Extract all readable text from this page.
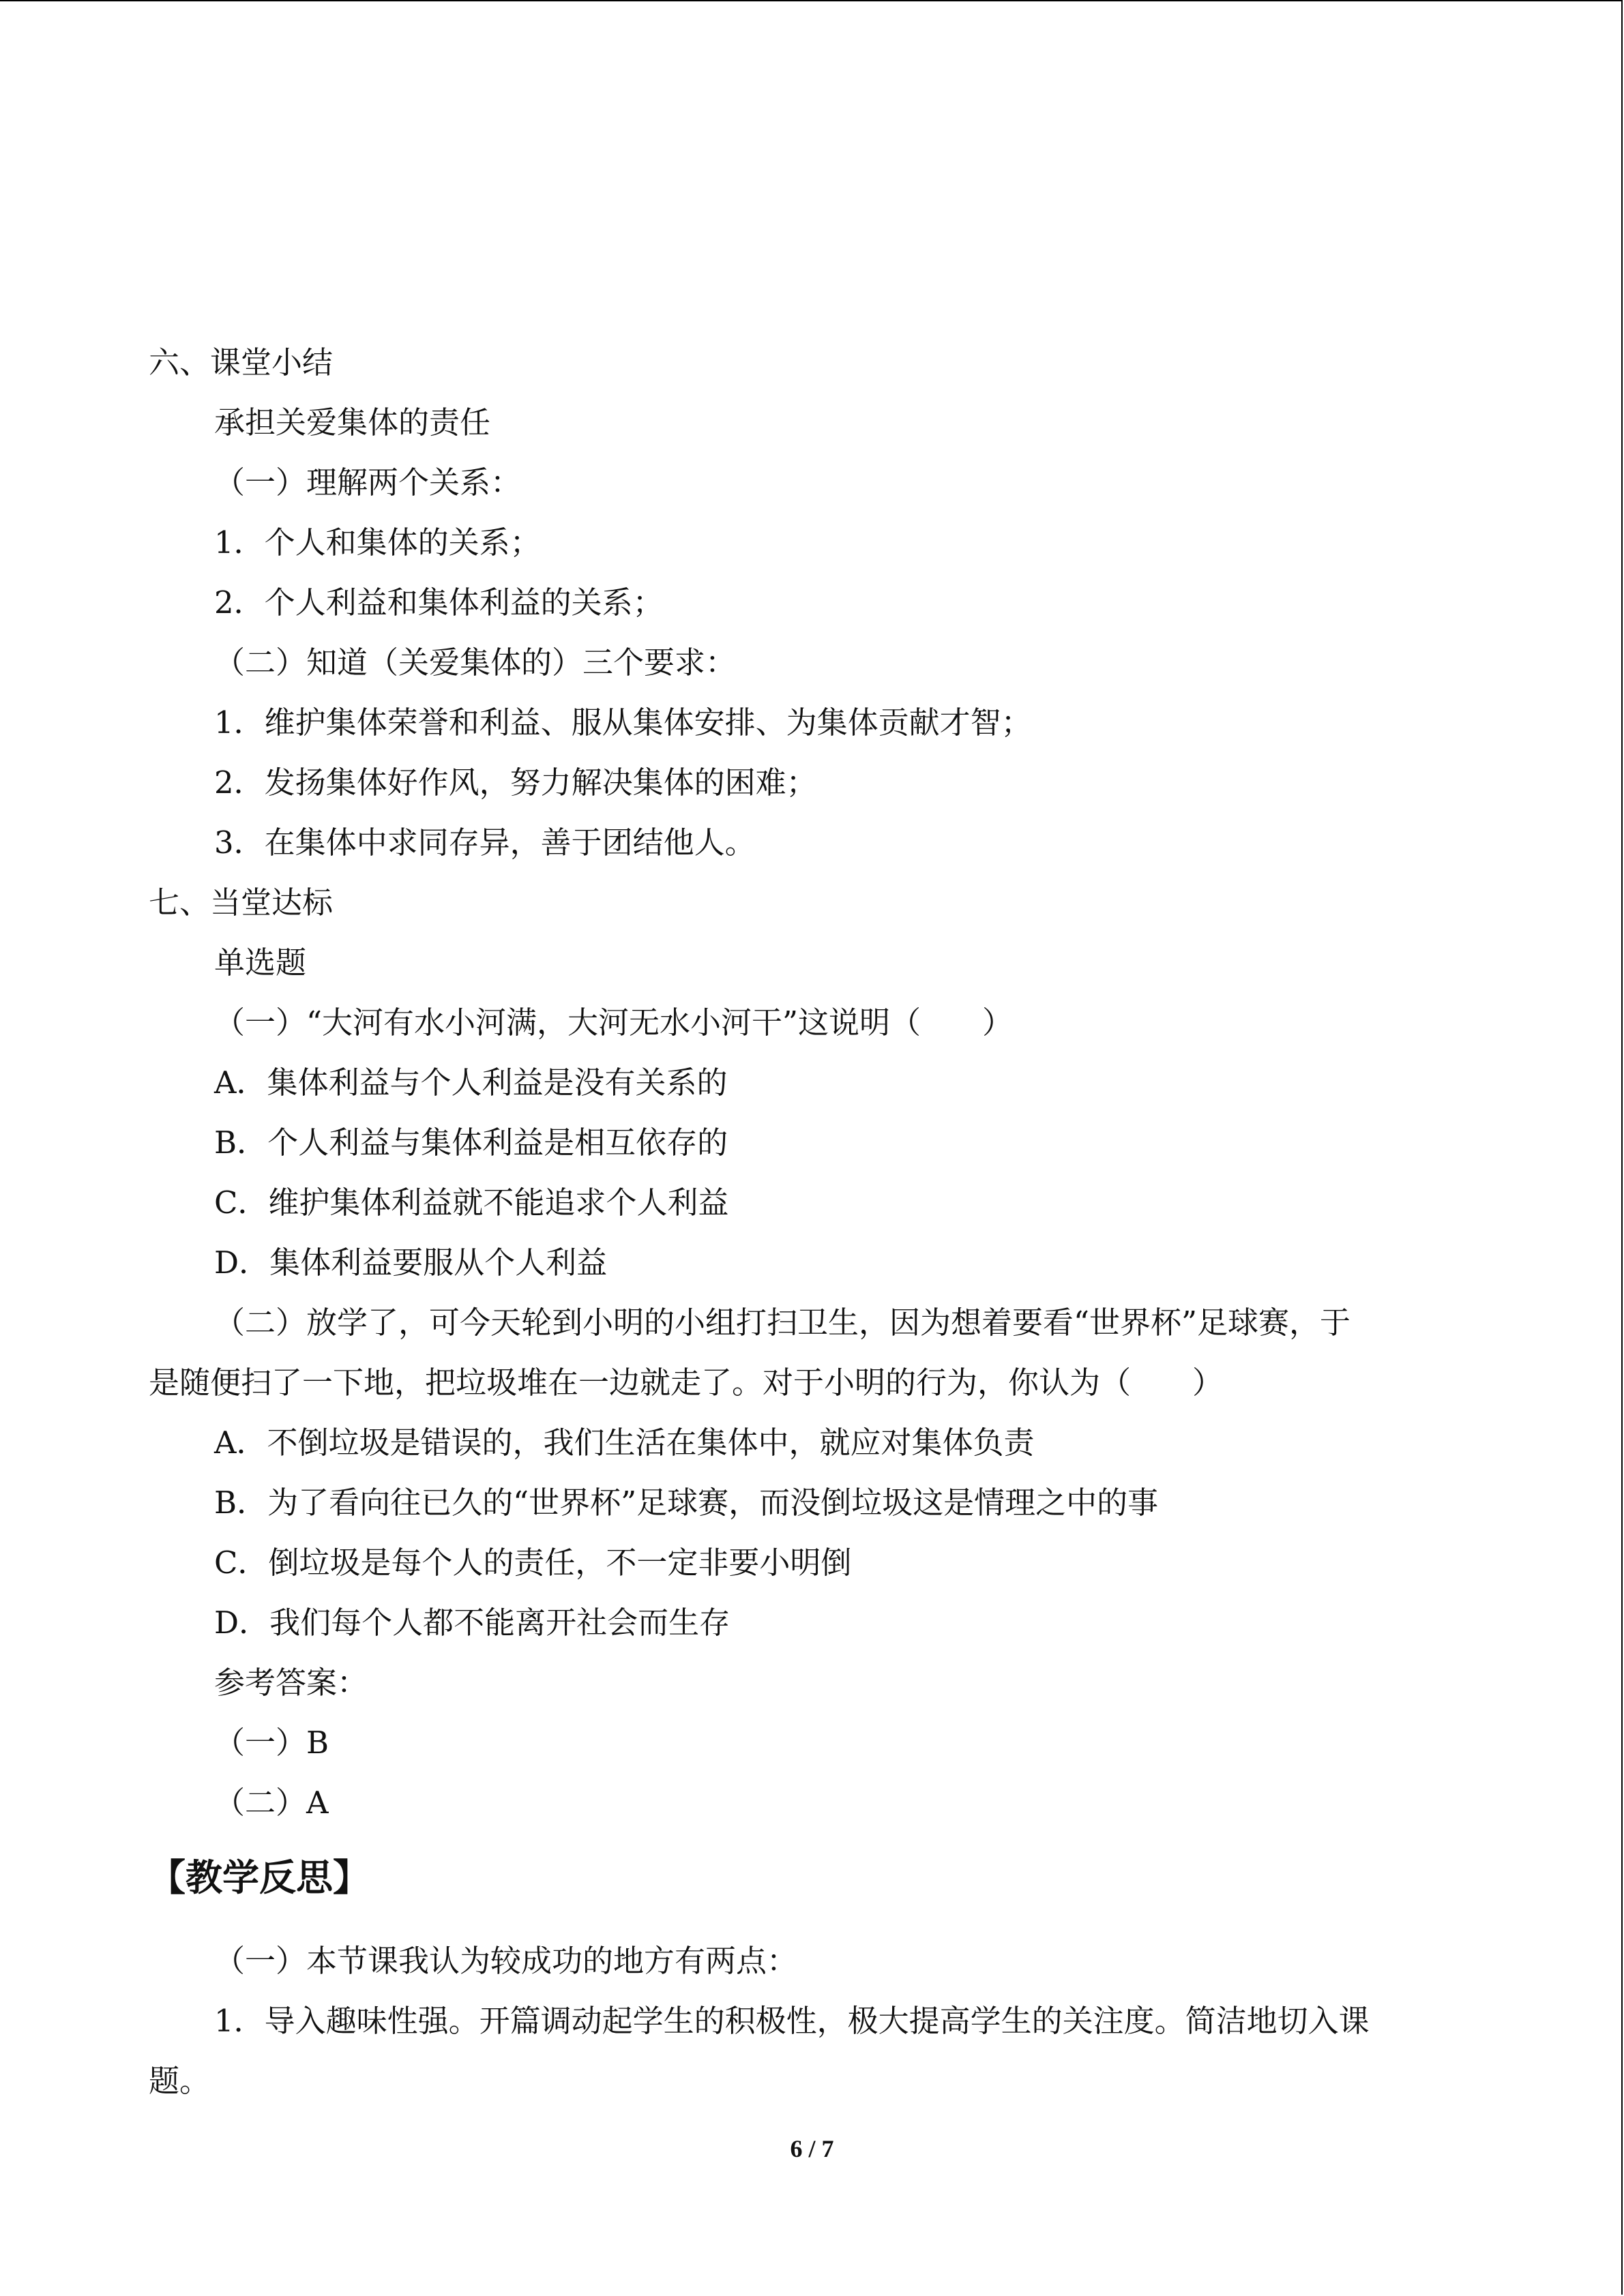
六、课堂小结
承担关爱集体的责任
（一）理解两个关系：
1．个人和集体的关系；
2．个人利益和集体利益的关系；
（二）知道（关爱集体的）三个要求：
1．维护集体荣誉和利益、服从集体安排、为集体贡献才智；
2．发扬集体好作风，努力解决集体的困难；
3．在集体中求同存异，善于团结他人。
七、当堂达标
单选题
（一）“大河有水小河满，大河无水小河干”这说明（　　）
A．集体利益与个人利益是没有关系的
B．个人利益与集体利益是相互依存的
C．维护集体利益就不能追求个人利益
D．集体利益要服从个人利益
（二）放学了，可今天轮到小明的小组打扫卫生，因为想着要看“世界杯”足球赛，于
是随便扫了一下地，把垃圾堆在一边就走了。对于小明的行为，你认为（　　）
A．不倒垃圾是错误的，我们生活在集体中，就应对集体负责
B．为了看向往已久的“世界杯”足球赛，而没倒垃圾这是情理之中的事
C．倒垃圾是每个人的责任，不一定非要小明倒
D．我们每个人都不能离开社会而生存
参考答案：
（一）B
（二）A
【教学反思】
（一）本节课我认为较成功的地方有两点：
1．导入趣味性强。开篇调动起学生的积极性，极大提高学生的关注度。简洁地切入课
题。
6 / 7
